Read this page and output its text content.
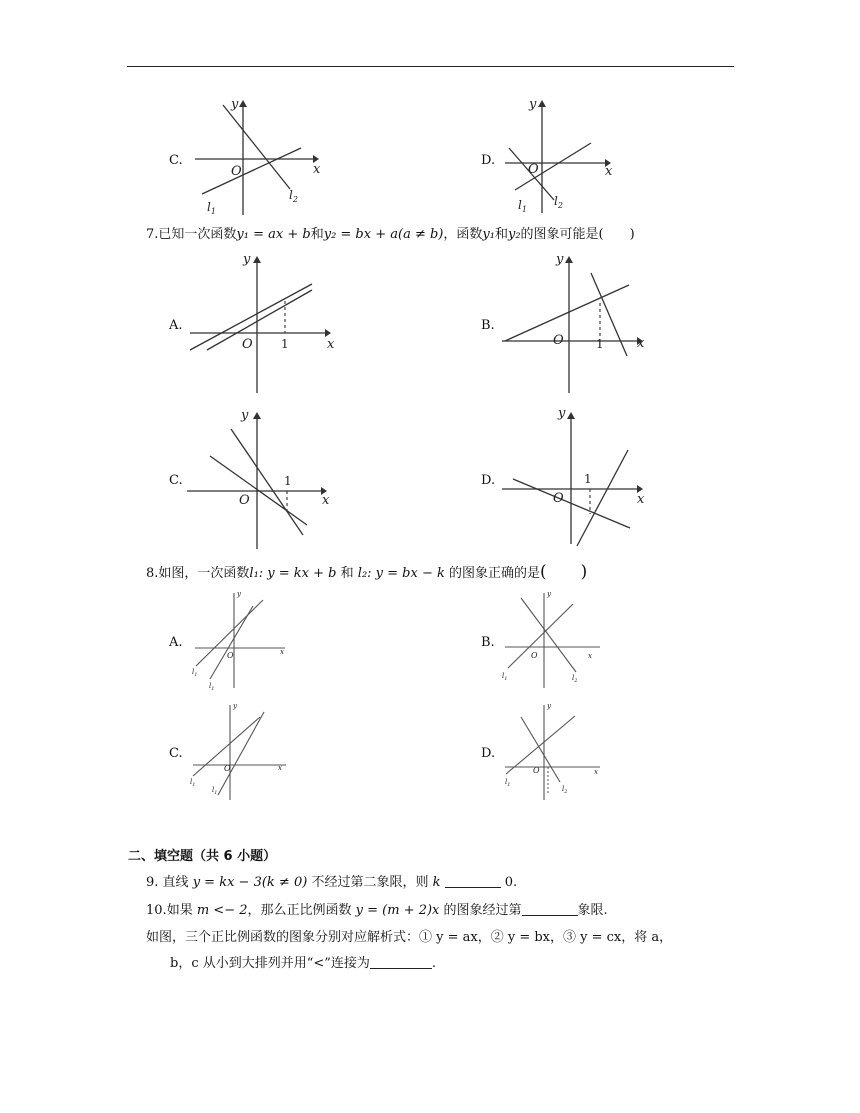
C.
x
y
O
$l_1$
$l_2$
D.
x
y
O
$l_1$
$l_2$
7.已知一次函数y₁ = ax + b和y₂ = bx + a(a ≠ b)，函数y₁和y₂的图象可能是(　　)
A.
x
y
O 1
B.
x
y
O	1
C.
x
y
O
1	D.
x
y
O
1
8.如图，一次函数l₁: y = kx + b 和 l₂: y = bx − k 的图象正确的是(　　)
A.
x
y
O
$l_1$
$l_1$
B.
x
y
O
$l_1$	$l_2$
C.
x
y
O
$l_1$
$l_1$
D.
x
y
O
$l_1$	$l_2$
二、填空题（共 6 小题）
9. 直线 y = kx − 3(k ≠ 0) 不经过第二象限，则 k	0.
10.如果 m <− 2，那么正比例函数 y = (m + 2)x 的图象经过第	象限.
如图，三个正比例函数的图象分别对应解析式：① y = ax，② y = bx，③ y = cx，将 a，
b，c 从小到大排列并用“<”连接为	.
